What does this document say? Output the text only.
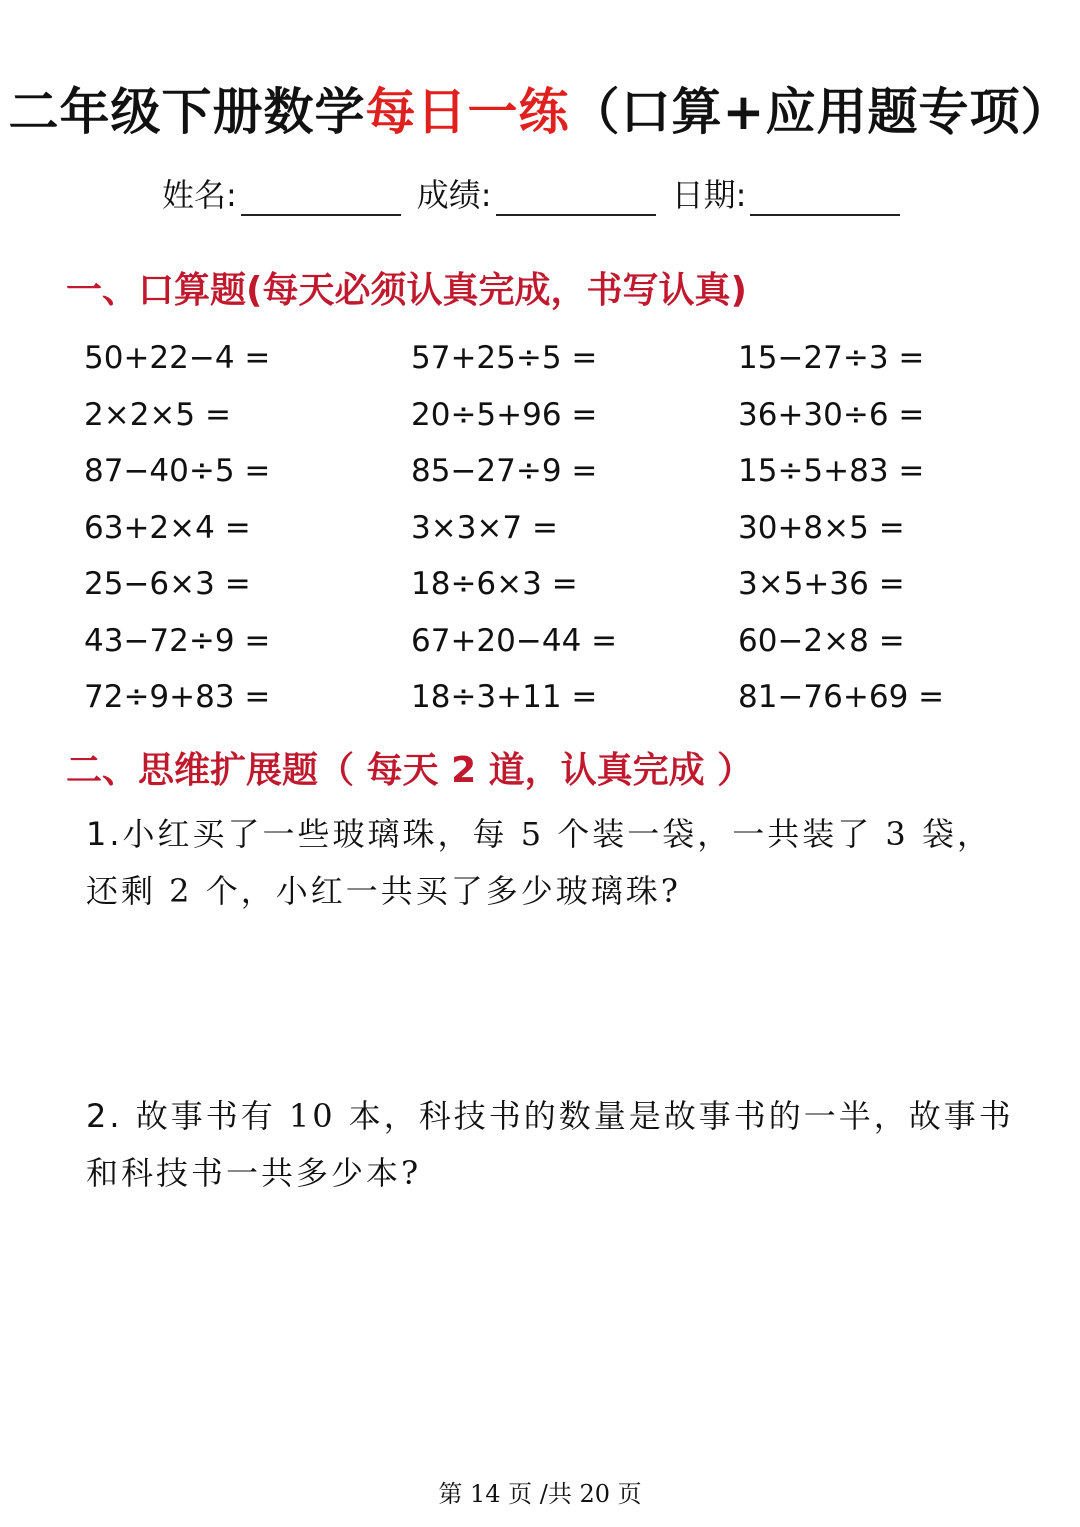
二年级下册数学每日一练（口算+应用题专项）
姓名:	成绩:	日期:
一、口算题(每天必须认真完成，书写认真)
50+22−4 =	57+25÷5 =	15−27÷3 =
2×2×5 =	20÷5+96 =	36+30÷6 =
87−40÷5 =	85−27÷9 =	15÷5+83 =
63+2×4 =	3×3×7 =	30+8×5 =
25−6×3 =	18÷6×3 =	3×5+36 =
43−72÷9 =	67+20−44 =	60−2×8 =
72÷9+83 =	18÷3+11 =	81−76+69 =
二、思维扩展题（ 每天 2 道，认真完成 ）
1.小红买了一些玻璃珠，每 5 个装一袋，一共装了 3 袋，还剩 2 个，小红一共买了多少玻璃珠?
2. 故事书有 10 本，科技书的数量是故事书的一半，故事书和科技书一共多少本?
第 14 页 /共 20 页
